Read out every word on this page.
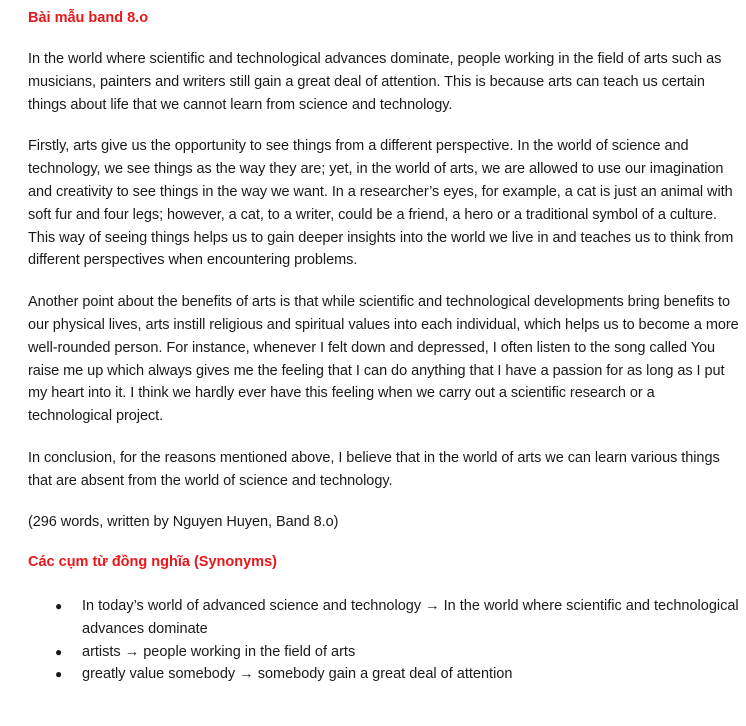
Bài mẫu band 8.o

In the world where scientific and technological advances dominate, people working in the field of arts such as musicians, painters and writers still gain a great deal of attention. This is because arts can teach us certain things about life that we cannot learn from science and technology.

Firstly, arts give us the opportunity to see things from a different perspective. In the world of science and technology, we see things as the way they are; yet, in the world of arts, we are allowed to use our imagination and creativity to see things in the way we want. In a researcher’s eyes, for example, a cat is just an animal with soft fur and four legs; however, a cat, to a writer, could be a friend, a hero or a traditional symbol of a culture. This way of seeing things helps us to gain deeper insights into the world we live in and teaches us to think from different perspectives when encountering problems.

Another point about the benefits of arts is that while scientific and technological developments bring benefits to our physical lives, arts instill religious and spiritual values into each individual, which helps us to become a more well-rounded person. For instance, whenever I felt down and depressed, I often listen to the song called You raise me up which always gives me the feeling that I can do anything that I have a passion for as long as I put my heart into it. I think we hardly ever have this feeling when we carry out a scientific research or a technological project.

In conclusion, for the reasons mentioned above, I believe that in the world of arts we can learn various things that are absent from the world of science and technology.

(296 words, written by Nguyen Huyen, Band 8.o)

Các cụm từ đồng nghĩa (Synonyms)

● In today’s world of advanced science and technology → In the world where scientific and technological advances dominate
● artists → people working in the field of arts
● greatly value somebody → somebody gain a great deal of attention
